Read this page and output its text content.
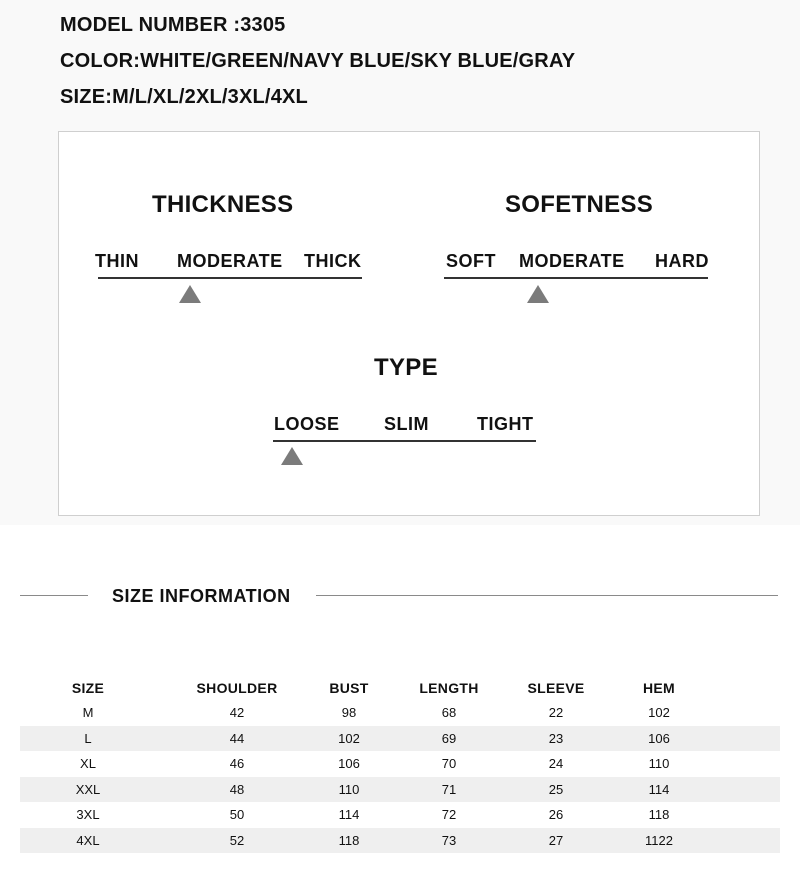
MODEL NUMBER :3305
COLOR:WHITE/GREEN/NAVY BLUE/SKY BLUE/GRAY
SIZE:M/L/XL/2XL/3XL/4XL
THICKNESS
THIN MODERATE THICK
SOFETNESS
SOFT MODERATE HARD
TYPE
LOOSE SLIM	TIGHT
SIZE INFORMATION
SIZE	SHOULDER	BUST	LENGTH	SLEEVE	HEM
M	42	98	68	22	102
L	44	102	69	23	106
XL	46	106	70	24	110
XXL	48	110	71	25	114
3XL	50	114	72	26	118
4XL	52	118	73	27	1122
